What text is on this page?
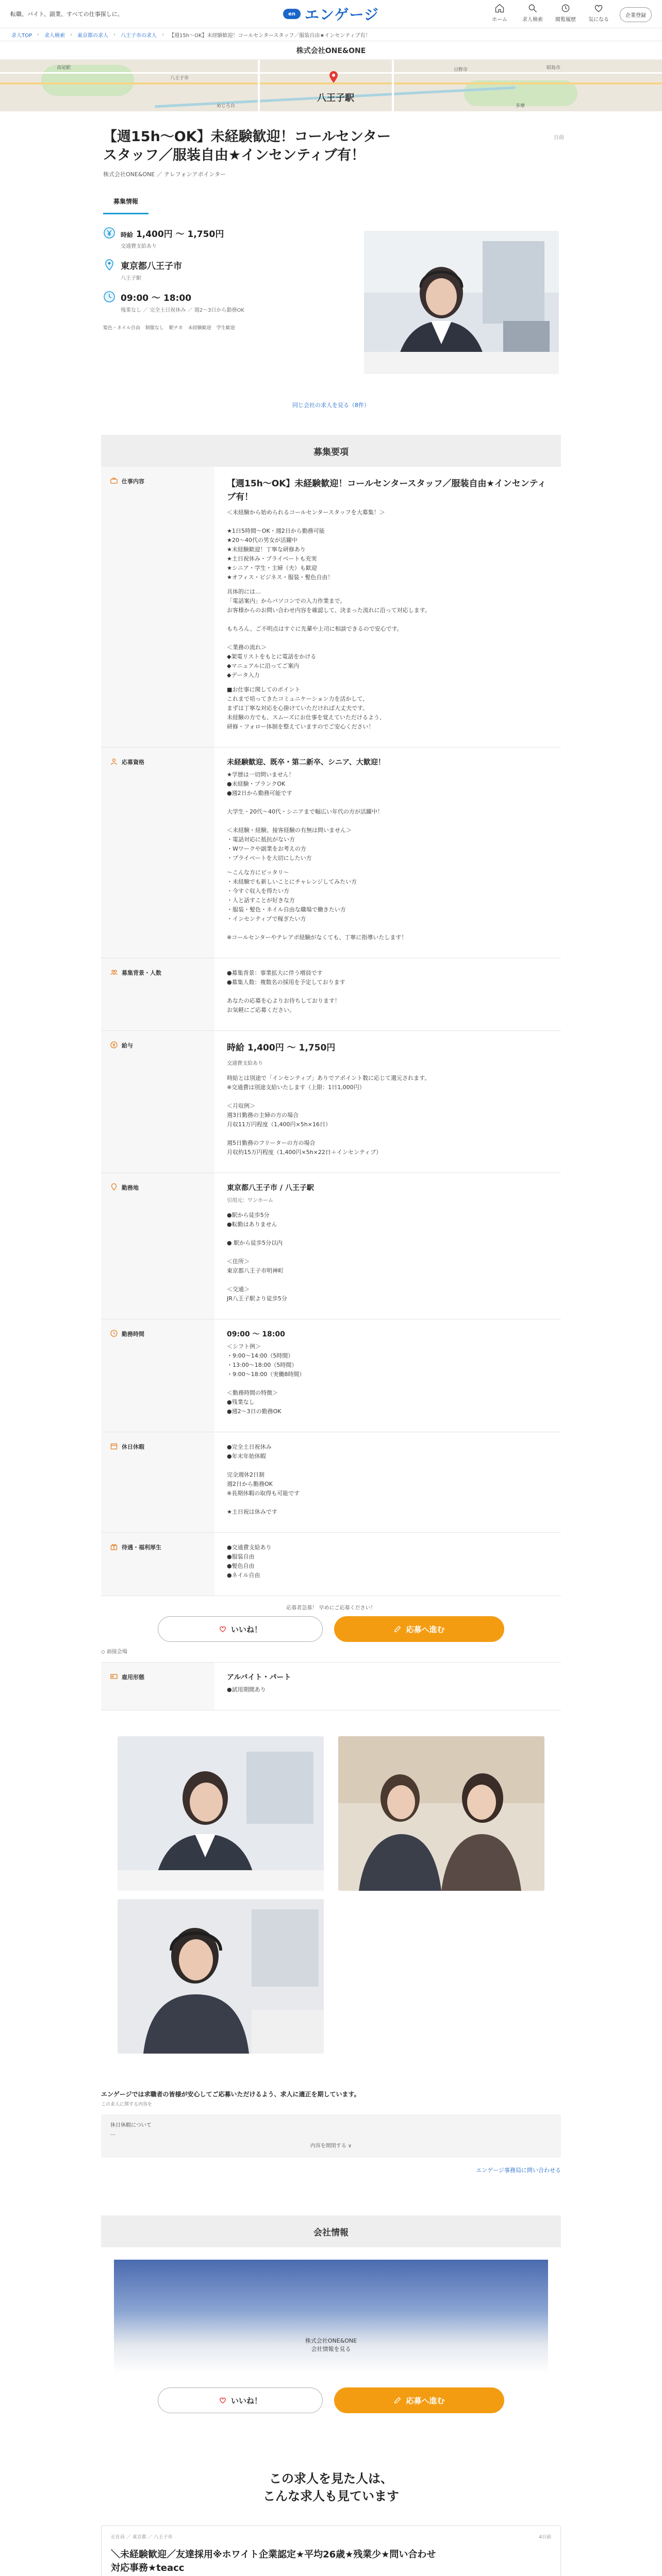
転職、バイト、副業、すべての仕事探しに。	en エンゲージ	ホーム	求人検索 閲覧履歴 気になる
企業登録
求人TOP › 求人検索 › 東京都の求人 › 八王子市の求人 › 【週15h〜OK】未経験歓迎！コールセンタースタッフ／服装自由★インセンティブ有！
株式会社ONE&ONE
高尾駅
八王子市
日野市	昭島市
めじろ台	多摩
八王子駅
日前
【週15h〜OK】未経験歓迎！コールセンタースタッフ／服装自由★インセンティブ有！
株式会社ONE&ONE ／ テレフォンアポインター
募集情報
時給 1,400円 〜 1,750円
交通費支給あり
東京都八王子市
八王子駅
09:00 〜 18:00
残業なし ／ 完全土日祝休み ／ 週2〜3日から勤務OK
髪色・ネイル自由 制服なし 駅チカ 未経験歓迎 学生歓迎
同じ会社の求人を見る（8件）
募集要項
仕事内容	【週15h〜OK】未経験歓迎！コールセンタースタッフ／服装自由★インセンティブ有！

＜未経験から始められるコールセンタースタッフを大募集！＞

★1日5時間〜OK・週2日から勤務可能
★20〜40代の男女が活躍中
★未経験歓迎！丁寧な研修あり
★土日祝休み・プライベートも充実
★シニア・学生・主婦（夫）も歓迎
★オフィス・ビジネス・服装・髪色自由！

具体的には…
「電話案内」からパソコンでの入力作業まで。
お客様からのお問い合わせ内容を確認して、決まった流れに沿って対応します。

もちろん、ご不明点はすぐに先輩や上司に相談できるので安心です。

＜業務の流れ＞
◆架電リストをもとに電話をかける
◆マニュアルに沿ってご案内
◆データ入力

■お仕事に関してのポイント
これまで培ってきたコミュニケーション力を活かして、
まずは丁寧な対応を心掛けていただければ大丈夫です。
未経験の方でも、スムーズにお仕事を覚えていただけるよう、
研修・フォロー体制を整えていますのでご安心ください！

応募資格	未経験歓迎、既卒・第二新卒、シニア、大歓迎！

★学歴は一切問いません！
●未経験・ブランクOK
●週2日から勤務可能です

大学生・20代〜40代・シニアまで幅広い年代の方が活躍中！

＜未経験・経験、接客経験の有無は問いません＞
・電話対応に抵抗がない方
・Wワークや副業をお考えの方
・プライベートを大切にしたい方

〜こんな方にピッタリ〜
・未経験でも新しいことにチャレンジしてみたい方
・今すぐ収入を得たい方
・人と話すことが好きな方
・服装・髪色・ネイル自由な職場で働きたい方
・インセンティブで稼ぎたい方

※コールセンターやテレアポ経験がなくても、丁寧に指導いたします！

募集背景・人数	●募集背景：事業拡大に伴う増員です
●募集人数：複数名の採用を予定しております

あなたの応募を心よりお待ちしております！
お気軽にご応募ください。

給与	時給 1,400円 〜 1,750円

交通費支給あり

時給とは別途で「インセンティブ」ありでアポイント数に応じて還元されます。
※交通費は別途支給いたします（上限：1日1,000円）

＜月収例＞
週3日勤務の主婦の方の場合
月収11万円程度（1,400円×5h×16日）

週5日勤務のフリーターの方の場合
月収約15万円程度（1,400円×5h×22日＋インセンティブ）

勤務地	東京都八王子市 / 八王子駅

引用元：ワンホーム

●駅から徒歩5分
●転勤はありません

● 駅から徒歩5分以内

＜住所＞
東京都八王子市明神町

＜交通＞
JR八王子駅より徒歩5分

勤務時間	09:00 〜 18:00

＜シフト例＞
・9:00〜14:00（5時間）
・13:00〜18:00（5時間）
・9:00〜18:00（実働8時間）

＜勤務時間の特徴＞
●残業なし
●週2〜3日の勤務OK

休日休暇	●完全土日祝休み
●年末年始休暇

完全週休2日制
週2日から勤務OK
※長期休暇の取得も可能です

★土日祝は休みです

待遇・福利厚生	●交通費支給あり
●服装自由
●髪色自由
●ネイル自由

応募者急募！ 早めにご応募ください！
いいね！	応募へ進む
◇ 面接会場
雇用形態	アルバイト・パート

●試用期間あり

エンゲージでは求職者の皆様が安心してご応募いただけるよう、求人に適正を期しています。
この求人に関する内容を
休日休暇について
…
内容を開閉する ∨
エンゲージ事務局に問い合わせる
会社情報
株式会社ONE&ONE
会社情報を見る
いいね！	応募へ進む
この求人を見た人は、
こんな求人も見ています
正社員 ／ 東京都 ／ 八王子市	4日前
＼未経験歓迎／友達採用※ホワイト企業認定★平均26歳★残業少★問い合わせ対応事務★teacc
